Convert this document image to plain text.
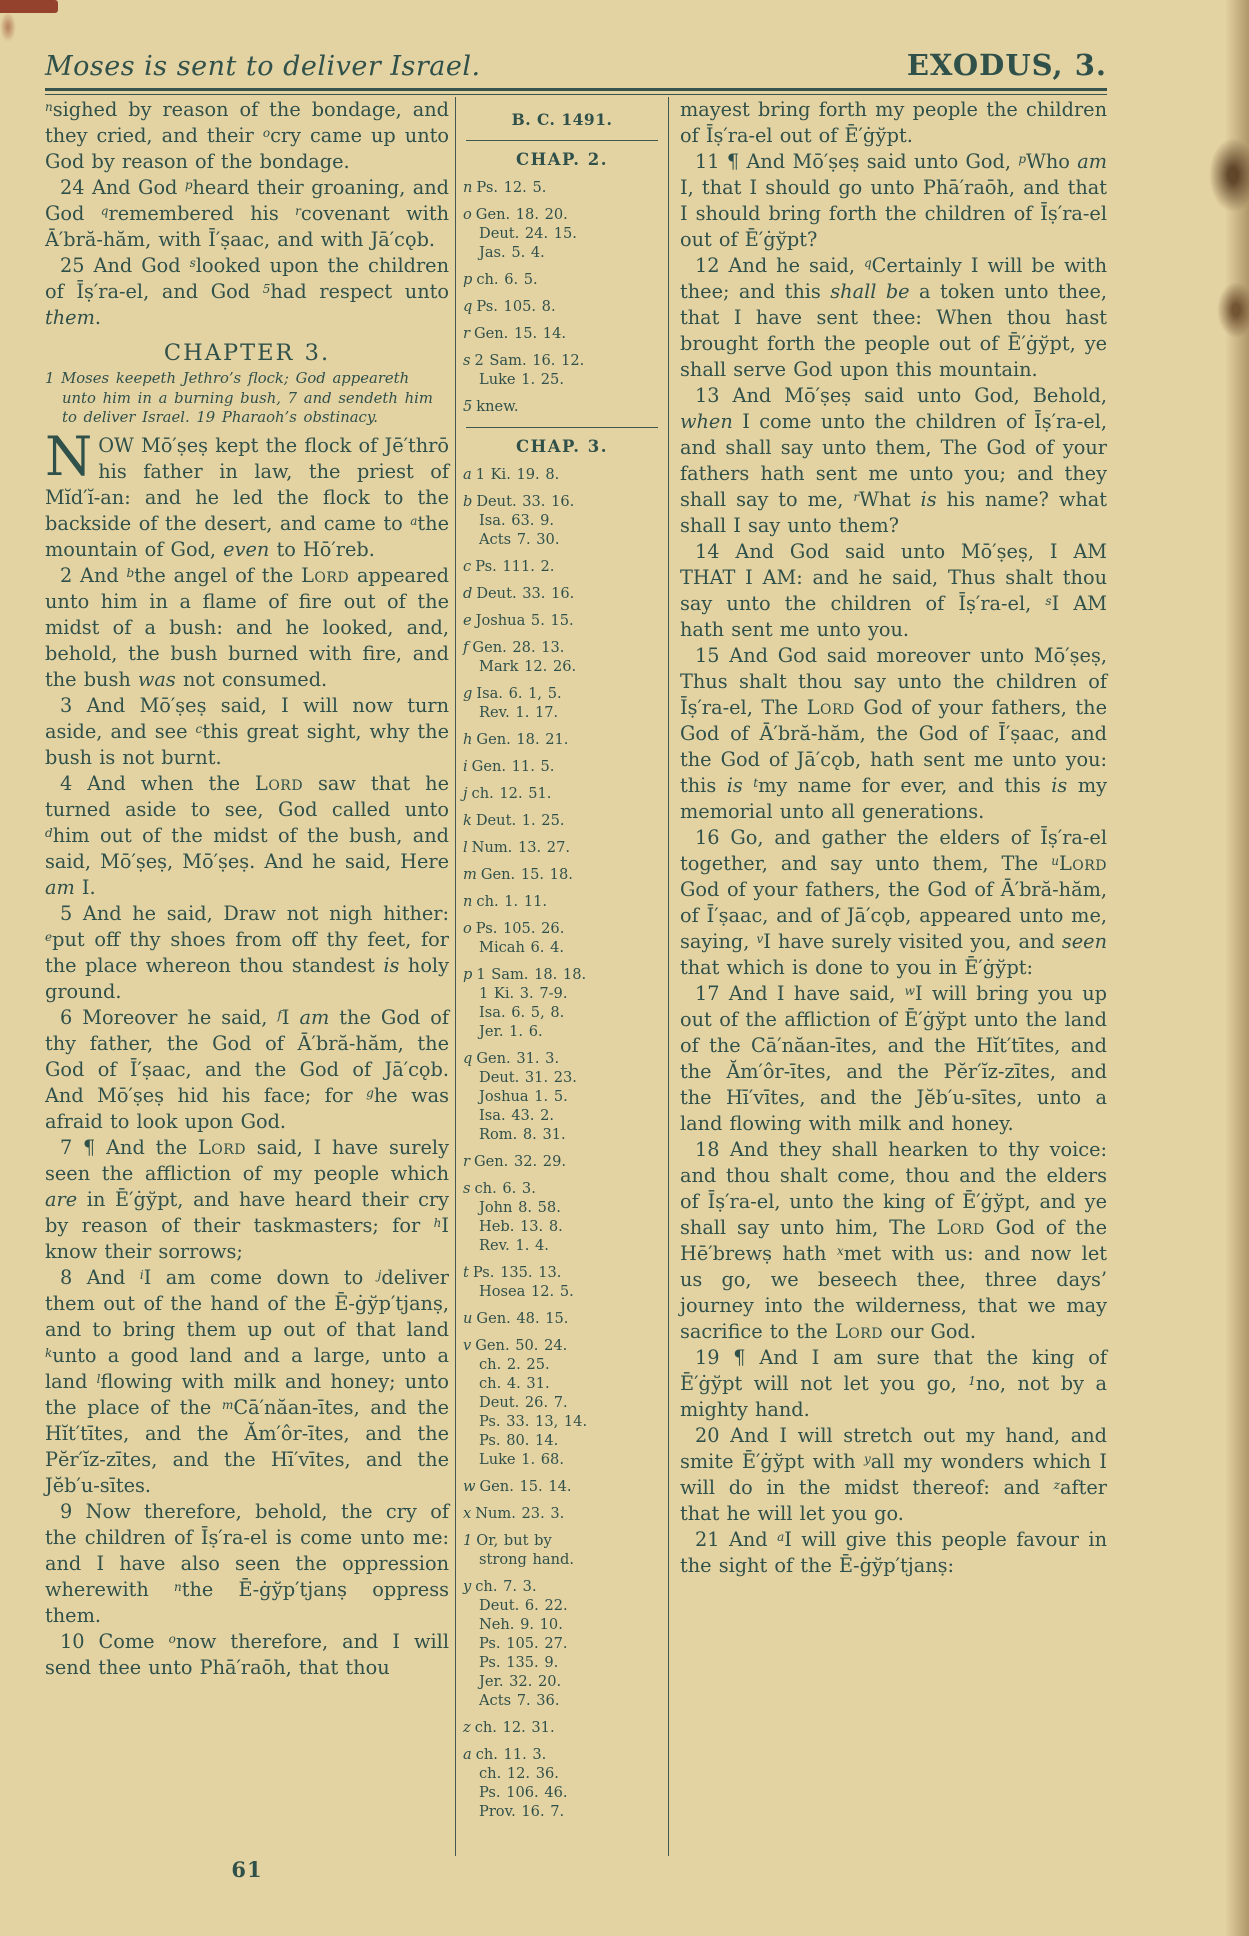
Moses is sent to deliver Israel.	EXODUS, 3.

$^n$sighed by reason of the bondage, and they cried, and their $^o$cry came up unto God by reason of the bondage.

24 And God $^p$heard their groaning, and God $^q$remembered his $^r$covenant with Ā′bră-hăm, with Ī′ṣaac, and with Jā′cǫb.

25 And God $^s$looked upon the children of Īṣ′ra-el, and God $^5$had respect unto them.

CHAPTER 3.

1 Moses keepeth Jethro’s flock; God appeareth unto him in a burning bush, 7 and sendeth him to deliver Israel. 19 Pharaoh’s obstinacy.

NOW Mō′ṣeṣ kept the flock of Jē′thrō his father in law, the priest of Mĭd′ĭ-an: and he led the flock to the backside of the desert, and came to $^a$the mountain of God, even to Hō′reb.

2 And $^b$the angel of the Lord appeared unto him in a flame of fire out of the midst of a bush: and he looked, and, behold, the bush burned with fire, and the bush was not consumed.

3 And Mō′ṣeṣ said, I will now turn aside, and see $^c$this great sight, why the bush is not burnt.

4 And when the Lord saw that he turned aside to see, God called unto $^d$him out of the midst of the bush, and said, Mō′ṣeṣ, Mō′ṣeṣ. And he said, Here am I.

5 And he said, Draw not nigh hither: $^e$put off thy shoes from off thy feet, for the place whereon thou standest is holy ground.

6 Moreover he said, $^f$I am the God of thy father, the God of Ā′bră-hăm, the God of Ī′ṣaac, and the God of Jā′cǫb. And Mō′ṣeṣ hid his face; for $^g$he was afraid to look upon God.

7 ¶ And the Lord said, I have surely seen the affliction of my people which are in Ē′ġўpt, and have heard their cry by reason of their taskmasters; for $^h$I know their sorrows;

8 And $^i$I am come down to $^j$deliver them out of the hand of the Ē-ġўp′tjanṣ, and to bring them up out of that land $^k$unto a good land and a large, unto a land $^l$flowing with milk and honey; unto the place of the $^m$Cā′năan-ītes, and the Hĭt′tītes, and the Ăm′ôr-ītes, and the Pĕr′ĭz-zītes, and the Hī′vītes, and the Jĕb′u-sītes.

9 Now therefore, behold, the cry of the children of Īṣ′ra-el is come unto me: and I have also seen the oppression wherewith $^n$the Ē-ġўp′tjanṣ oppress them.

10 Come $^o$now therefore, and I will send thee unto Phā′raōh, that thou

B. C. 1491.
CHAP. 2.
n Ps. 12. 5.
o Gen. 18. 20.
Deut. 24. 15.
Jas. 5. 4.
p ch. 6. 5.
q Ps. 105. 8.
r Gen. 15. 14.
s 2 Sam. 16. 12.
Luke 1. 25.
5 knew.
CHAP. 3.
a 1 Ki. 19. 8.
b Deut. 33. 16.
Isa. 63. 9.
Acts 7. 30.
c Ps. 111. 2.
d Deut. 33. 16.
e Joshua 5. 15.
f Gen. 28. 13.
Mark 12. 26.
g Isa. 6. 1, 5.
Rev. 1. 17.
h Gen. 18. 21.
i Gen. 11. 5.
j ch. 12. 51.
k Deut. 1. 25.
l Num. 13. 27.
m Gen. 15. 18.
n ch. 1. 11.
o Ps. 105. 26.
Micah 6. 4.
p 1 Sam. 18. 18.
1 Ki. 3. 7-9.
Isa. 6. 5, 8.
Jer. 1. 6.
q Gen. 31. 3.
Deut. 31. 23.
Joshua 1. 5.
Isa. 43. 2.
Rom. 8. 31.
r Gen. 32. 29.
s ch. 6. 3.
John 8. 58.
Heb. 13. 8.
Rev. 1. 4.
t Ps. 135. 13.
Hosea 12. 5.
u Gen. 48. 15.
v Gen. 50. 24.
ch. 2. 25.
ch. 4. 31.
Deut. 26. 7.
Ps. 33. 13, 14.
Ps. 80. 14.
Luke 1. 68.
w Gen. 15. 14.
x Num. 23. 3.
1 Or, but by
strong hand.
y ch. 7. 3.
Deut. 6. 22.
Neh. 9. 10.
Ps. 105. 27.
Ps. 135. 9.
Jer. 32. 20.
Acts 7. 36.
z ch. 12. 31.
a ch. 11. 3.
ch. 12. 36.
Ps. 106. 46.
Prov. 16. 7.

mayest bring forth my people the children of Īṣ′ra-el out of Ē′ġўpt.

11 ¶ And Mō′ṣeṣ said unto God, $^p$Who am I, that I should go unto Phā′raōh, and that I should bring forth the children of Īṣ′ra-el out of Ē′ġўpt?

12 And he said, $^q$Certainly I will be with thee; and this shall be a token unto thee, that I have sent thee: When thou hast brought forth the people out of Ē′ġўpt, ye shall serve God upon this mountain.

13 And Mō′ṣeṣ said unto God, Behold, when I come unto the children of Īṣ′ra-el, and shall say unto them, The God of your fathers hath sent me unto you; and they shall say to me, $^r$What is his name? what shall I say unto them?

14 And God said unto Mō′ṣeṣ, I AM THAT I AM: and he said, Thus shalt thou say unto the children of Īṣ′ra-el, $^s$I AM hath sent me unto you.

15 And God said moreover unto Mō′ṣeṣ, Thus shalt thou say unto the children of Īṣ′ra-el, The Lord God of your fathers, the God of Ā′bră-hăm, the God of Ī′ṣaac, and the God of Jā′cǫb, hath sent me unto you: this is $^t$my name for ever, and this is my memorial unto all generations.

16 Go, and gather the elders of Īṣ′ra-el together, and say unto them, The $^u$Lord God of your fathers, the God of Ā′bră-hăm, of Ī′ṣaac, and of Jā′cǫb, appeared unto me, saying, $^v$I have surely visited you, and seen that which is done to you in Ē′ġўpt:

17 And I have said, $^w$I will bring you up out of the affliction of Ē′ġўpt unto the land of the Cā′năan-ītes, and the Hĭt′tītes, and the Ăm′ôr-ītes, and the Pĕr′ĭz-zītes, and the Hī′vītes, and the Jĕb′u-sītes, unto a land flowing with milk and honey.

18 And they shall hearken to thy voice: and thou shalt come, thou and the elders of Īṣ′ra-el, unto the king of Ē′ġўpt, and ye shall say unto him, The Lord God of the Hē′brewṣ hath $^x$met with us: and now let us go, we beseech thee, three days’ journey into the wilderness, that we may sacrifice to the Lord our God.

19 ¶ And I am sure that the king of Ē′ġўpt will not let you go, $^1$no, not by a mighty hand.

20 And I will stretch out my hand, and smite Ē′ġўpt with $^y$all my wonders which I will do in the midst thereof: and $^z$after that he will let you go.

21 And $^a$I will give this people favour in the sight of the Ē-ġўp′tjanṣ:

61
